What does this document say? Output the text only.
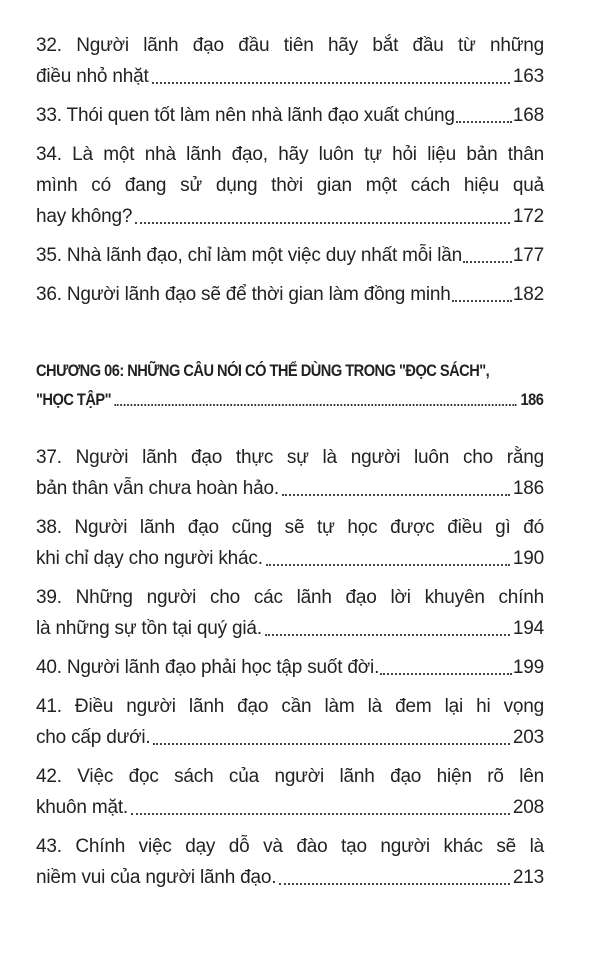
32. Người lãnh đạo đầu tiên hãy bắt đầu từ những
điều nhỏ nhặt	163
33. Thói quen tốt làm nên nhà lãnh đạo xuất chúng	168
34. Là một nhà lãnh đạo, hãy luôn tự hỏi liệu bản thân
mình có đang sử dụng thời gian một cách hiệu quả
hay không?	172
35. Nhà lãnh đạo, chỉ làm một việc duy nhất mỗi lần	177
36. Người lãnh đạo sẽ để thời gian làm đồng minh	182
CHƯƠNG 06: NHỮNG CÂU NÓI CÓ THỂ DÙNG TRONG "ĐỌC SÁCH",
"HỌC TẬP"	186
37. Người lãnh đạo thực sự là người luôn cho rằng
bản thân vẫn chưa hoàn hảo.	186
38. Người lãnh đạo cũng sẽ tự học được điều gì đó
khi chỉ dạy cho người khác.	190
39. Những người cho các lãnh đạo lời khuyên chính
là những sự tồn tại quý giá.	194
40. Người lãnh đạo phải học tập suốt đời.	199
41. Điều người lãnh đạo cần làm là đem lại hi vọng
cho cấp dưới.	203
42. Việc đọc sách của người lãnh đạo hiện rõ lên
khuôn mặt.	208
43. Chính việc dạy dỗ và đào tạo người khác sẽ là
niềm vui của người lãnh đạo.	213
